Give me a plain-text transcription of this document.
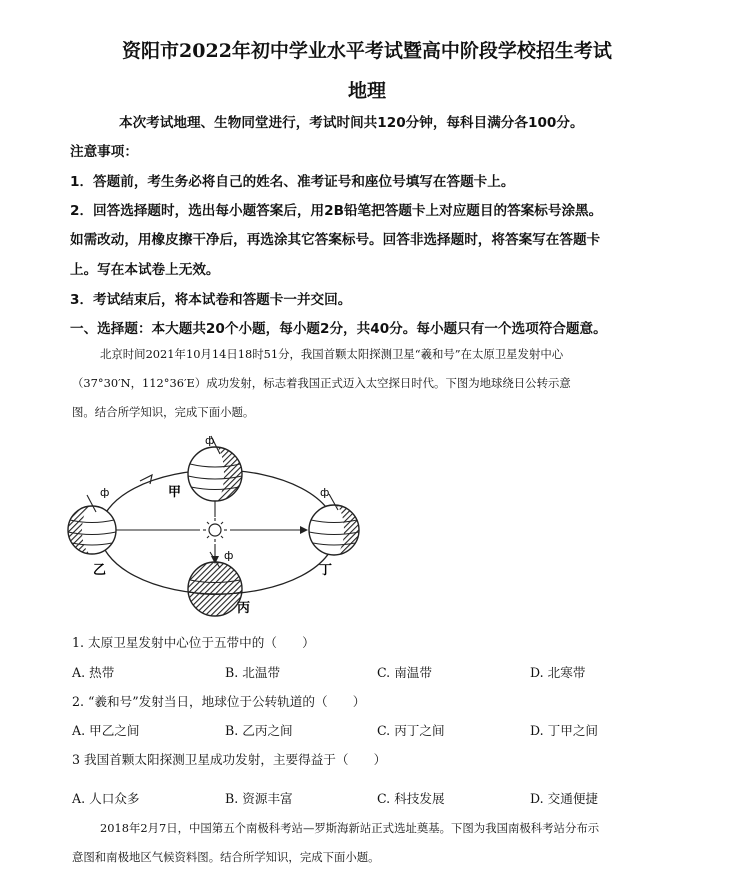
资阳市2022年初中学业水平考试暨高中阶段学校招生考试
地理
本次考试地理、生物同堂进行，考试时间共120分钟，每科目满分各100分。
注意事项：
1．答题前，考生务必将自己的姓名、准考证号和座位号填写在答题卡上。
2．回答选择题时，选出每小题答案后，用2B铅笔把答题卡上对应题目的答案标号涂黑。
如需改动，用橡皮擦干净后，再选涂其它答案标号。回答非选择题时，将答案写在答题卡
上。写在本试卷上无效。
3．考试结束后，将本试卷和答题卡一并交回。
一、选择题：本大题共20个小题，每小题2分，共40分。每小题只有一个选项符合题意。
北京时间2021年10月14日18时51分，我国首颗太阳探测卫星“羲和号”在太原卫星发射中心
（37°30′N，112°36′E）成功发射，标志着我国正式迈入太空探日时代。下图为地球绕日公转示意
图。结合所学知识，完成下面小题。
ф
ф	ф
ф
甲
乙	丁
丙
1. 太原卫星发射中心位于五带中的（　　）
A. 热带	B. 北温带	C. 南温带	D. 北寒带
2. “羲和号”发射当日，地球位于公转轨道的（　　）
A. 甲乙之间	B. 乙丙之间	C. 丙丁之间	D. 丁甲之间
3 我国首颗太阳探测卫星成功发射，主要得益于（　　）
A. 人口众多	B. 资源丰富	C. 科技发展	D. 交通便捷
2018年2月7日，中国第五个南极科考站—罗斯海新站正式选址奠基。下图为我国南极科考站分布示
意图和南极地区气候资料图。结合所学知识，完成下面小题。
